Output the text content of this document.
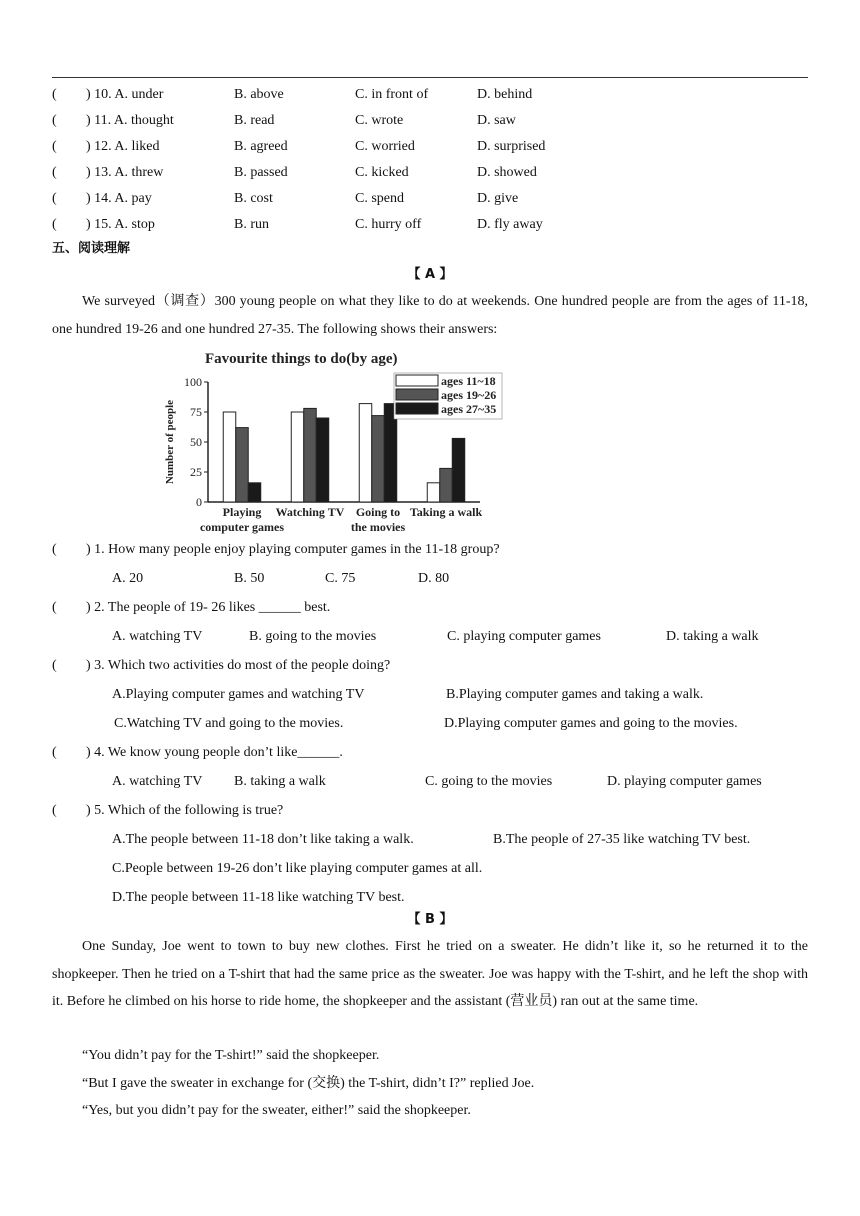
( ) 10. A. under	B. above	C. in front of	D. behind
( ) 11. A. thought	B. read	C. wrote	D. saw
( ) 12. A. liked	B. agreed	C. worried	D. surprised
( ) 13. A. threw	B. passed	C. kicked	D. showed
( ) 14. A. pay	B. cost	C. spend	D. give
( ) 15. A. stop	B. run	C. hurry off	D. fly away
五、阅读理解
【 A 】
We surveyed（调查）300 young people on what they like to do at weekends. One hundred people are from the ages of 11-18, one hundred 19-26 and one hundred 27-35. The following shows their answers:
Favourite things to do(by age)
Number of people
0
25
50
75
100
Playing
computer games
Watching TV Going to
the movies
Taking a walk
ages 11~18
ages 19~26
ages 27~35
( ) 1. How many people enjoy playing computer games in the 11-18 group?
A. 20	B. 50	C. 75	D. 80
( ) 2. The people of 19- 26 likes ______ best.
A. watching TV	B. going to the movies	C. playing computer games	D. taking a walk
( ) 3. Which two activities do most of the people doing?
A.Playing computer games and watching TV	B.Playing computer games and taking a walk.
C.Watching TV and going to the movies.	D.Playing computer games and going to the movies.
( ) 4. We know young people don’t like______.
A. watching TV B. taking a walk	C. going to the movies	D. playing computer games
( ) 5. Which of the following is true?
A.The people between 11-18 don’t like taking a walk.	B.The people of 27-35 like watching TV best.
C.People between 19-26 don’t like playing computer games at all.
D.The people between 11-18 like watching TV best.
【 B 】
One Sunday, Joe went to town to buy new clothes. First he tried on a sweater. He didn’t like it, so he returned it to the shopkeeper. Then he tried on a T-shirt that had the same price as the sweater. Joe was happy with the T-shirt, and he left the shop with it. Before he climbed on his horse to ride home, the shopkeeper and the assistant (营业员) ran out at the same time.
“You didn’t pay for the T-shirt!” said the shopkeeper.
“But I gave the sweater in exchange for (交换) the T-shirt, didn’t I?” replied Joe.
“Yes, but you didn’t pay for the sweater, either!” said the shopkeeper.
